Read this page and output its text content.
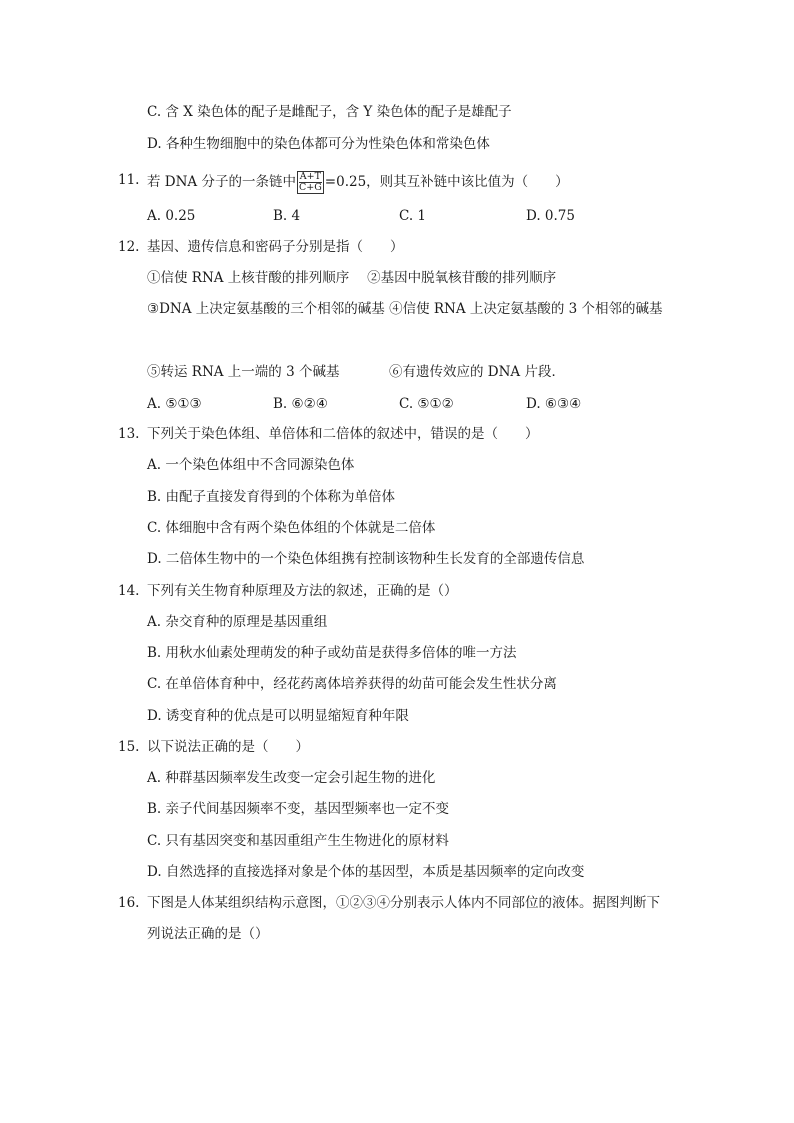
C. 含 X 染色体的配子是雌配子，含 Y 染色体的配子是雄配子
D. 各种生物细胞中的染色体都可分为性染色体和常染色体
11. 若 DNA 分子的一条链中 $\frac{A+T}{C+G} =0.25$，则其互补链中该比值为（　　）
A. 0.25	B. 4	C. 1	D. 0.75
12. 基因、遗传信息和密码子分别是指（　　）
①信使 RNA 上核苷酸的排列顺序　 ②基因中脱氧核苷酸的排列顺序
③DNA 上决定氨基酸的三个相邻的碱基 ④信使 RNA 上决定氨基酸的 3 个相邻的碱基
⑤转运 RNA 上一端的 3 个碱基	⑥有遗传效应的 DNA 片段．
A. ⑤①③	B. ⑥②④	C. ⑤①②	D. ⑥③④
13. 下列关于染色体组、单倍体和二倍体的叙述中，错误的是（　　）
A. 一个染色体组中不含同源染色体
B. 由配子直接发育得到的个体称为单倍体
C. 体细胞中含有两个染色体组的个体就是二倍体
D. 二倍体生物中的一个染色体组携有控制该物种生长发育的全部遗传信息
14. 下列有关生物育种原理及方法的叙述，正确的是（）
A. 杂交育种的原理是基因重组
B. 用秋水仙素处理萌发的种子或幼苗是获得多倍体的唯一方法
C. 在单倍体育种中，经花药离体培养获得的幼苗可能会发生性状分离
D. 诱变育种的优点是可以明显缩短育种年限
15. 以下说法正确的是（　　）
A. 种群基因频率发生改变一定会引起生物的进化
B. 亲子代间基因频率不变，基因型频率也一定不变
C. 只有基因突变和基因重组产生生物进化的原材料
D. 自然选择的直接选择对象是个体的基因型，本质是基因频率的定向改变
16. 下图是人体某组织结构示意图，①②③④分别表示人体内不同部位的液体。据图判断下
列说法正确的是（）
